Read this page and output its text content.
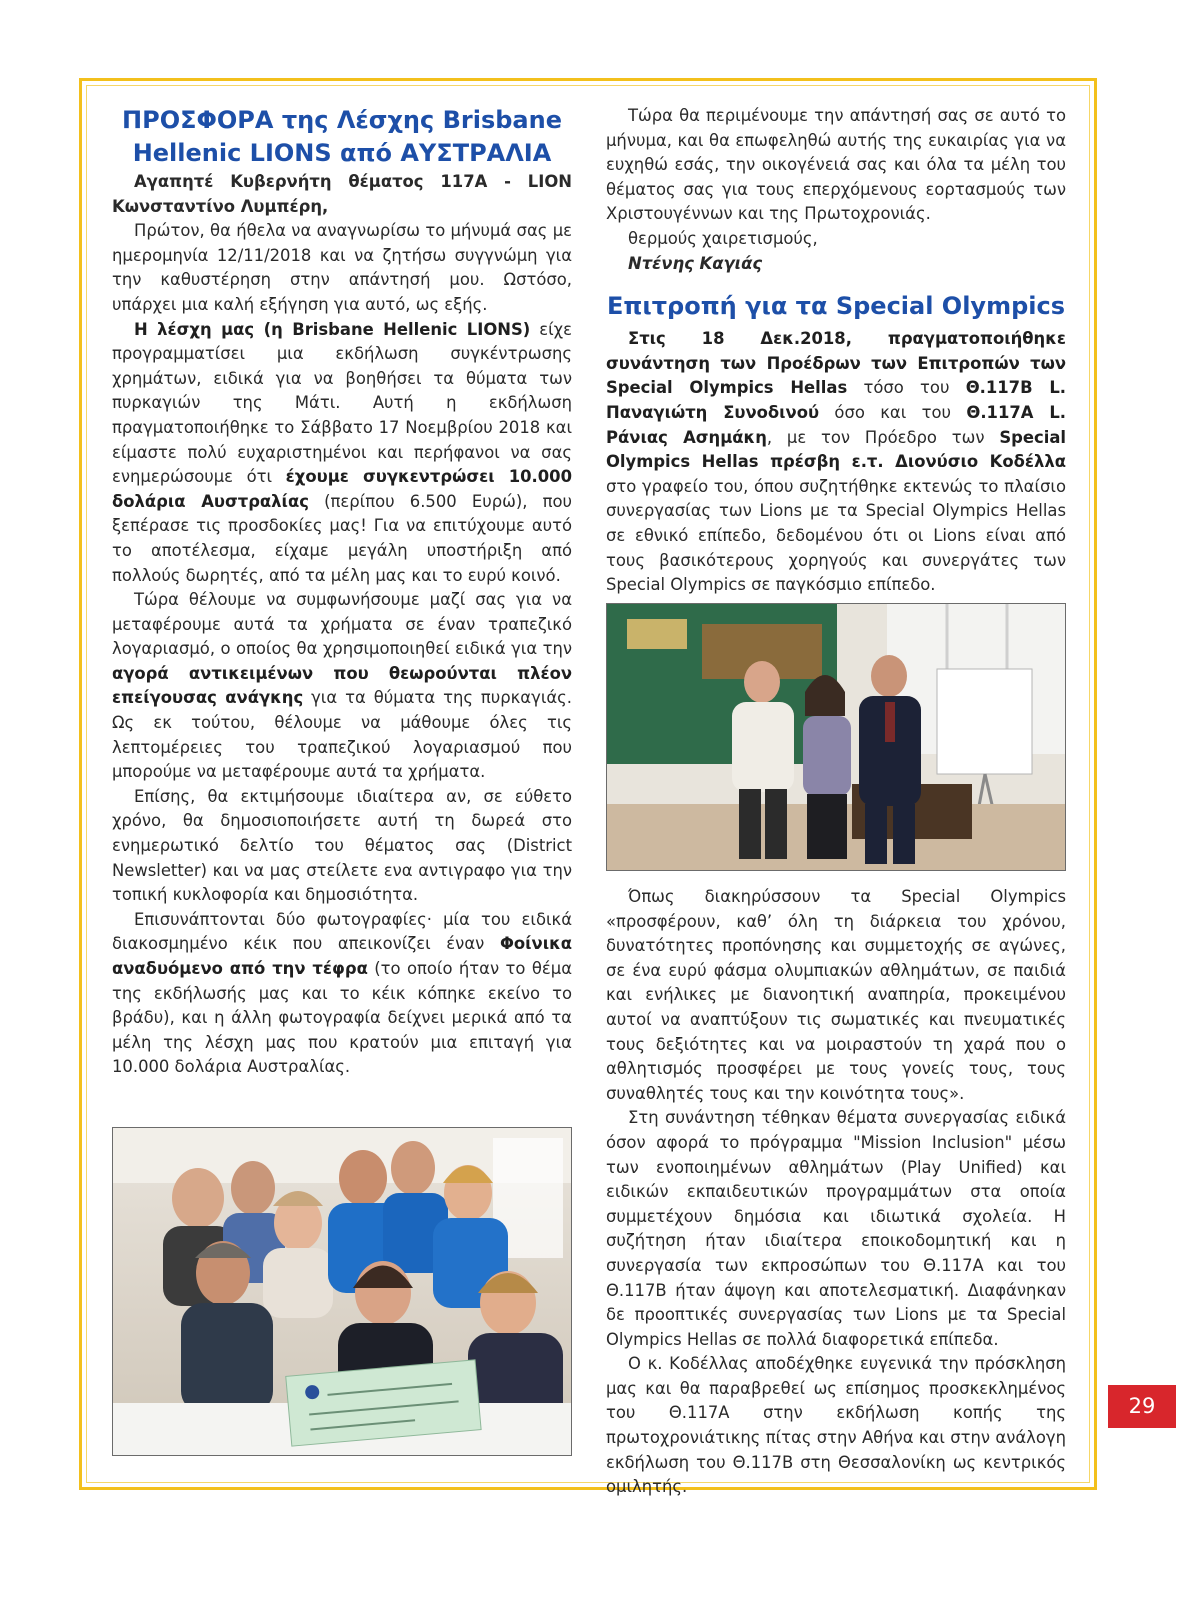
ΠΡΟΣΦΟΡΑ της Λέσχης Brisbane
Hellenic LIONS από ΑΥΣΤΡΑΛΙΑ

Αγαπητέ Κυβερνήτη θέματος 117Α - LION Κωνσταντίνο Λυμπέρη,

Πρώτον, θα ήθελα να αναγνωρίσω το μήνυμά σας με ημερομηνία 12/11/2018 και να ζητήσω συγγνώμη για την καθυστέρηση στην απάντησή μου. Ωστόσο, υπάρχει μια καλή εξήγηση για αυτό, ως εξής.

Η λέσχη μας (η Brisbane Hellenic LIONS) είχε προγραμματίσει μια εκδήλωση συγκέντρωσης χρημάτων, ειδικά για να βοηθήσει τα θύματα των πυρκαγιών της Μάτι. Αυτή η εκδήλωση πραγματοποιήθηκε το Σάββατο 17 Νοεμβρίου 2018 και είμαστε πολύ ευχαριστημένοι και περήφανοι να σας ενημερώσουμε ότι έχουμε συγκεντρώσει 10.000 δολάρια Αυστραλίας (περίπου 6.500 Ευρώ), που ξεπέρασε τις προσδοκίες μας! Για να επιτύχουμε αυτό το αποτέλεσμα, είχαμε μεγάλη υποστήριξη από πολλούς δωρητές, από τα μέλη μας και το ευρύ κοινό.

Τώρα θέλουμε να συμφωνήσουμε μαζί σας για να μεταφέρουμε αυτά τα χρήματα σε έναν τραπεζικό λογαριασμό, ο οποίος θα χρησιμοποιηθεί ειδικά για την αγορά αντικειμένων που θεωρούνται πλέον επείγουσας ανάγκης για τα θύματα της πυρκαγιάς. Ως εκ τούτου, θέλουμε να μάθουμε όλες τις λεπτομέρειες του τραπεζικού λογαριασμού που μπορούμε να μεταφέρουμε αυτά τα χρήματα.

Επίσης, θα εκτιμήσουμε ιδιαίτερα αν, σε εύθετο χρόνο, θα δημοσιοποιήσετε αυτή τη δωρεά στο ενημερωτικό δελτίο του θέματος σας (District Newsletter) και να μας στείλετε ενα αντιγραφο για την τοπική κυκλοφορία και δημοσιότητα.

Επισυνάπτονται δύο φωτογραφίες· μία του ειδικά διακοσμημένο κέικ που απεικονίζει έναν Φοίνικα αναδυόμενο από την τέφρα (το οποίο ήταν το θέμα της εκδήλωσής μας και το κέικ κόπηκε εκείνο το βράδυ), και η άλλη φωτογραφία δείχνει μερικά από τα μέλη της λέσχη μας που κρατούν μια επιταγή για 10.000 δολάρια Αυστραλίας.

Τώρα θα περιμένουμε την απάντησή σας σε αυτό το μήνυμα, και θα επωφεληθώ αυτής της ευκαιρίας για να ευχηθώ εσάς, την οικογένειά σας και όλα τα μέλη του θέματος σας για τους επερχόμενους εορτασμούς των Χριστουγέννων και της Πρωτοχρονιάς.

θερμούς χαιρετισμούς,

Ντένης Καγιάς

Επιτροπή για τα Special Olympics

Στις 18 Δεκ.2018, πραγματοποιήθηκε συνάντηση των Προέδρων των Επιτροπών των Special Olympics Hellas τόσο του Θ.117Β L. Παναγιώτη Συνοδινού όσο και του Θ.117Α L. Ράνιας Ασημάκη, με τον Πρόεδρο των Special Olympics Hellas πρέσβη ε.τ. Διονύσιο Κοδέλλα στο γραφείο του, όπου συζητήθηκε εκτενώς το πλαίσιο συνεργασίας των Lions με τα Special Olympics Hellas σε εθνικό επίπεδο, δεδομένου ότι οι Lions είναι από τους βασικότερους χορηγούς και συνεργάτες των Special Olympics σε παγκόσμιο επίπεδο.

Όπως διακηρύσσουν τα Special Olympics «προσφέρουν, καθ’ όλη τη διάρκεια του χρόνου, δυνατότητες προπόνησης και συμμετοχής σε αγώνες, σε ένα ευρύ φάσμα ολυμπιακών αθλημάτων, σε παιδιά και ενήλικες με διανοητική αναπηρία, προκειμένου αυτοί να αναπτύξουν τις σωματικές και πνευματικές τους δεξιότητες και να μοιραστούν τη χαρά που ο αθλητισμός προσφέρει με τους γονείς τους, τους συναθλητές τους και την κοινότητα τους».

Στη συνάντηση τέθηκαν θέματα συνεργασίας ειδικά όσον αφορά το πρόγραμμα "Mission Inclusion" μέσω των ενοποιημένων αθλημάτων (Play Unified) και ειδικών εκπαιδευτικών προγραμμάτων στα οποία συμμετέχουν δημόσια και ιδιωτικά σχολεία. Η συζήτηση ήταν ιδιαίτερα εποικοδομητική και η συνεργασία των εκπροσώπων του Θ.117Α και του Θ.117Β ήταν άψογη και αποτελεσματική. Διαφάνηκαν δε προοπτικές συνεργασίας των Lions με τα Special Olympics Hellas σε πολλά διαφορετικά επίπεδα.

Ο κ. Κοδέλλας αποδέχθηκε ευγενικά την πρόσκληση μας και θα παραβρεθεί ως επίσημος προσκεκλημένος του Θ.117Α στην εκδήλωση κοπής της πρωτοχρονιάτικης πίτας στην Αθήνα και στην ανάλογη εκδήλωση του Θ.117Β στη Θεσσαλονίκη ως κεντρικός ομιλητής.

29
